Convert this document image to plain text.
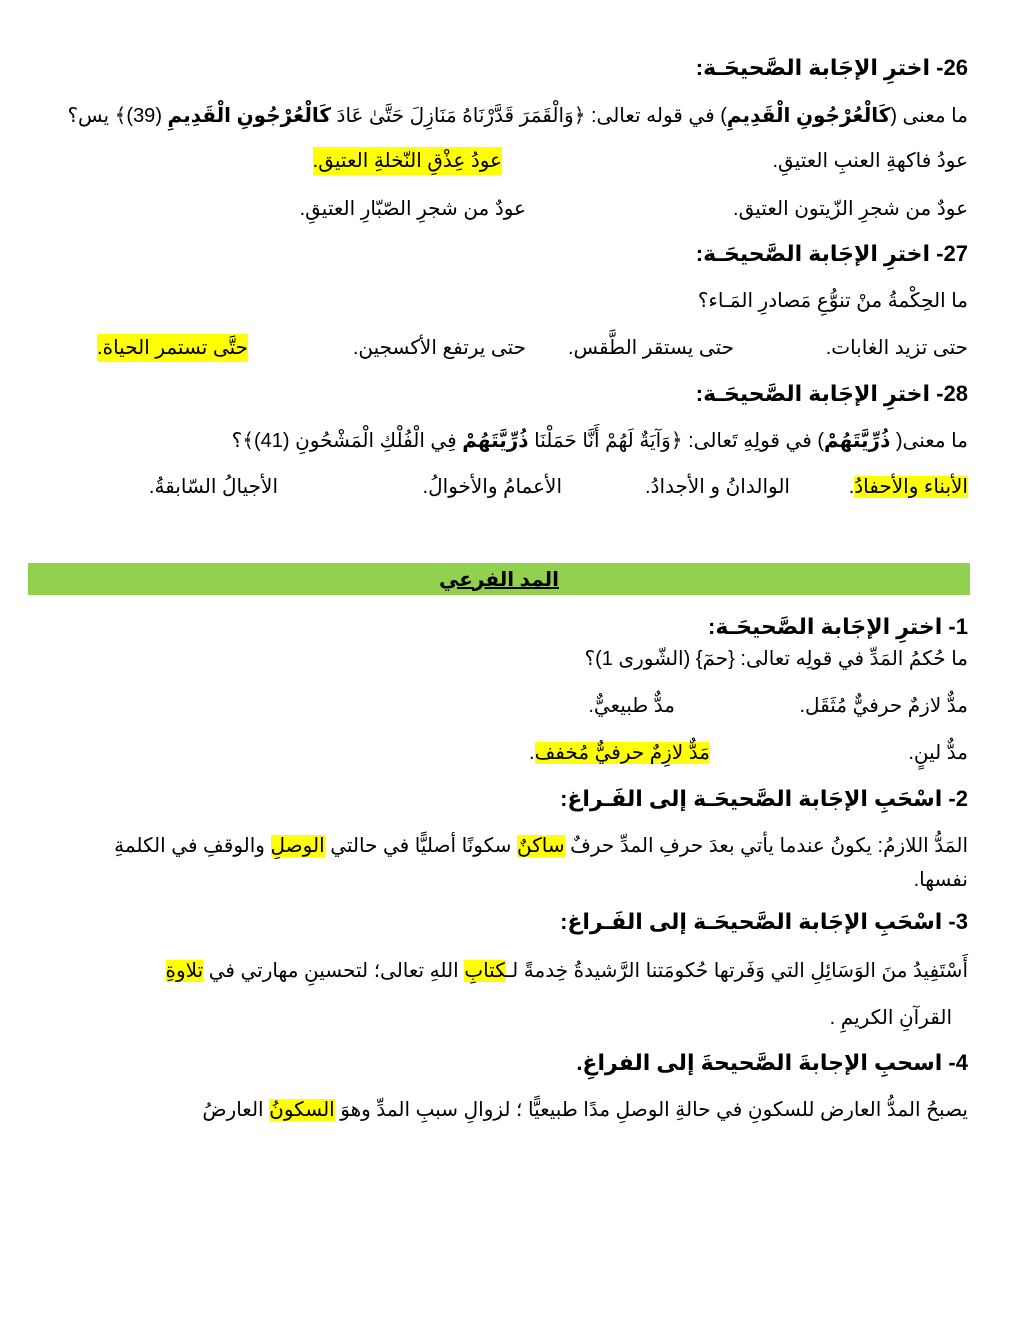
26- اخترِ الإجَابة الصَّحيحَـة:
ما معنى (كَالْعُرْجُونِ الْقَدِيمِ) في قوله تعالى: ﴿وَالْقَمَرَ قَدَّرْنَاهُ مَنَازِلَ حَتَّىٰ عَادَ كَالْعُرْجُونِ الْقَدِيمِ (39)﴾ يس؟
عودُ فاكهةِ العنبِ العتيقِ.
عودُ عِذْقِ النّخلةِ العتيق.
عودٌ من شجرِ الزّيتون العتيق.
عودٌ من شجرِ الصّبّارِ العتيقِ.
27- اخترِ الإجَابة الصَّحيحَـة:
ما الحِكْمةُ منْ تنوُّعِ مَصادرِ المَـاء؟
حتى تزيد الغابات.
حتى يستقر الطَّقس.
حتى يرتفع الأكسجين.
حتَّى تستمر الحياة.
28- اخترِ الإجَابة الصَّحيحَـة:
ما معنى( ذُرِّيَّتَهُمْ) في قولِهِ تَعالى: ﴿وَآيَةٌ لَهُمْ أَنَّا حَمَلْنَا ذُرِّيَّتَهُمْ فِي الْفُلْكِ الْمَشْحُونِ (41)﴾؟
الأبناء والأحفادُ.
الوالدانُ و الأجدادُ.
الأعمامُ والأخوالُ.
الأجيالُ السّابقةُ.
المد الفرعي
1- اخترِ الإجَابة الصَّحيحَـة:
ما حُكمُ المَدِّ في قولِه تعالى: {حمٓ} (الشّورى 1)؟
مدٌّ لازمٌ حرفيٌّ مُثَقَل.
مدٌّ طبيعيٌّ.
مدٌّ لينٍ.
مَدٌّ لازِمٌ حرفيٌّ مُخفف.
2- اسْحَبِ الإجَابة الصَّحيحَـة إلى الفَـراغ:
المَدُّ اللازمُ: يكونُ عندما يأتي بعدَ حرفِ المدِّ حرفٌ ساكنٌ سكونًا أصليًّا في حالتي الوصلِ والوقفِ في الكلمةِ
نفسها.
3- اسْحَبِ الإجَابة الصَّحيحَـة إلى الفَـراغ:
أَسْتَفِيدُ منَ الوَسَائِلِ التي وَفَرتها حُكومَتنا الرَّشيدةُ خِدمةً لـكتابِ اللهِ تعالى؛ لتحسينِ مهارتي في تلاوةِ
القرآنِ الكريمِ .
4- اسحبِ الإجابةَ الصَّحيحةَ إلى الفراغِ.
يصبحُ المدُّ العارض للسكونِ في حالةِ الوصلِ مدًا طبيعيًّا ؛ لزوالِ سببِ المدِّ وهوَ السكونُ العارضُ
